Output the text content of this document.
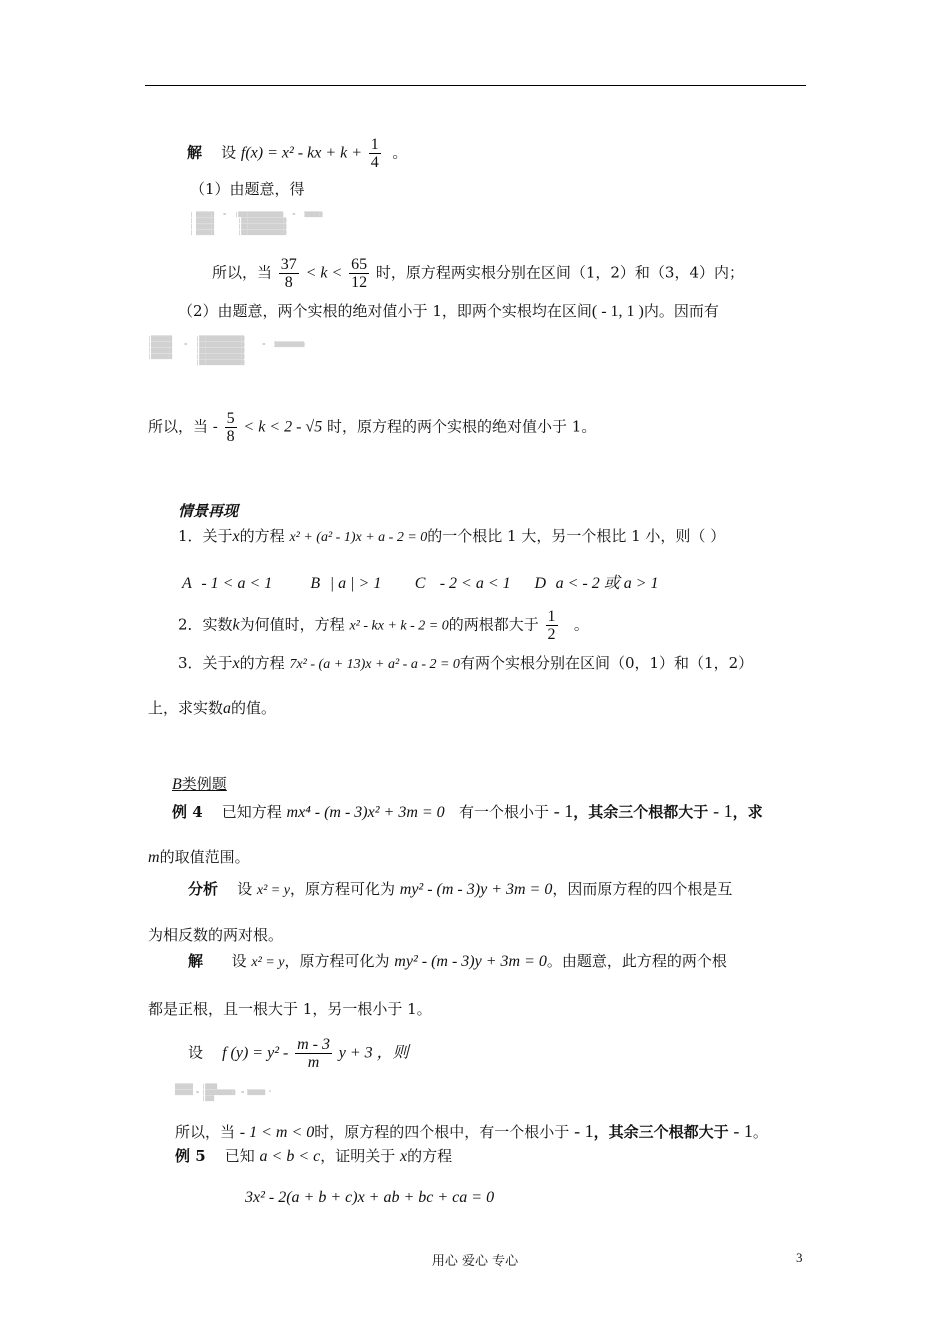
解 设 f(x) = x² - kx + $k + \frac{1}{4}$ 。
（1）由题意，得
| ▒▒▒▒▒▒   =   |▒▒▒▒▒▒▒▒▒▒▒▒▒▒▒   =   ▒▒▒▒▒▒
| ▒▒▒▒▒▒        |▒▒▒▒▒▒▒▒▒▒▒▒▒▒▒
| ▒▒▒▒▒▒        |▒▒▒▒▒▒▒▒▒▒▒▒▒▒▒
| ▒▒▒▒▒▒        |▒▒▒▒▒▒▒▒▒▒▒▒▒▒▒
所以，当 $\frac{37}{8} < k < \frac{65}{12}$ 时，原方程两实根分别在区间（1，2）和（3，4）内；
（2）由题意，两个实根的绝对值小于 1，即两个实根均在区间( - 1, 1 )内。因而有
|▒▒▒▒▒▒▒        |▒▒▒▒▒▒▒▒▒▒▒▒▒▒▒
|▒▒▒▒▒▒▒    =   |▒▒▒▒▒▒▒▒▒▒▒▒▒▒▒      =   ▒▒▒▒▒▒▒▒▒▒
|▒▒▒▒▒▒▒        |▒▒▒▒▒▒▒▒▒▒▒▒▒▒▒
|▒▒▒▒▒▒▒        |▒▒▒▒▒▒▒▒▒▒▒▒▒▒▒
|▒▒▒▒▒▒▒▒▒▒▒▒▒▒▒
所以，当 - $\frac{5}{8} < k < 2 - √5$ 时，原方程的两个实根的绝对值小于 1。
情景再现
1．关于x的方程 x² + (a² - 1)x + a - 2 = 0的一个根比 1 大，另一个根比 1 小，则（ ）
A - 1 < a < 1 B | a | > 1 C - 2 < a < 1 D a < - 2 或 a > 1
2．实数k为何值时，方程 x² - kx + k - 2 = 0的两根都大于 $\frac{1}{2}$ 。
3．关于x的方程 7x² - (a + 13)x + a² - a - 2 = 0有两个实根分别在区间（0，1）和（1，2）
上，求实数a的值。
B类例题
例 4 已知方程 mx⁴ - (m - 3)x² + 3m = 0 有一个根小于 - 1，其余三个根都大于 - 1，求
m的取值范围。
分析 设 x² = y，原方程可化为 my² - (m - 3)y + 3m = 0，因而原方程的四个根是互
为相反数的两对根。
解 设 x² = y，原方程可化为 my² - (m - 3)y + 3m = 0。由题意，此方程的两个根
都是正根，且一根大于 1，另一根小于 1。
设 f $(y) = y^2 - \frac{m - 3}{m}$ y + 3 ，则
▒▒▒▒▒▒   |▒▒▒▒
▒▒▒▒▒▒ = |▒▒▒▒▒▒▒▒▒▒  = ▒▒▒▒▒▒ °
|▒▒▒
所以，当 - 1 < m < 0时，原方程的四个根中，有一个根小于 - 1，其余三个根都大于 - 1。
例 5 已知 a < b < c，证明关于 x的方程
3x² - 2(a + b + c)x + ab + bc + ca = 0
用心 爱心 专心	3
